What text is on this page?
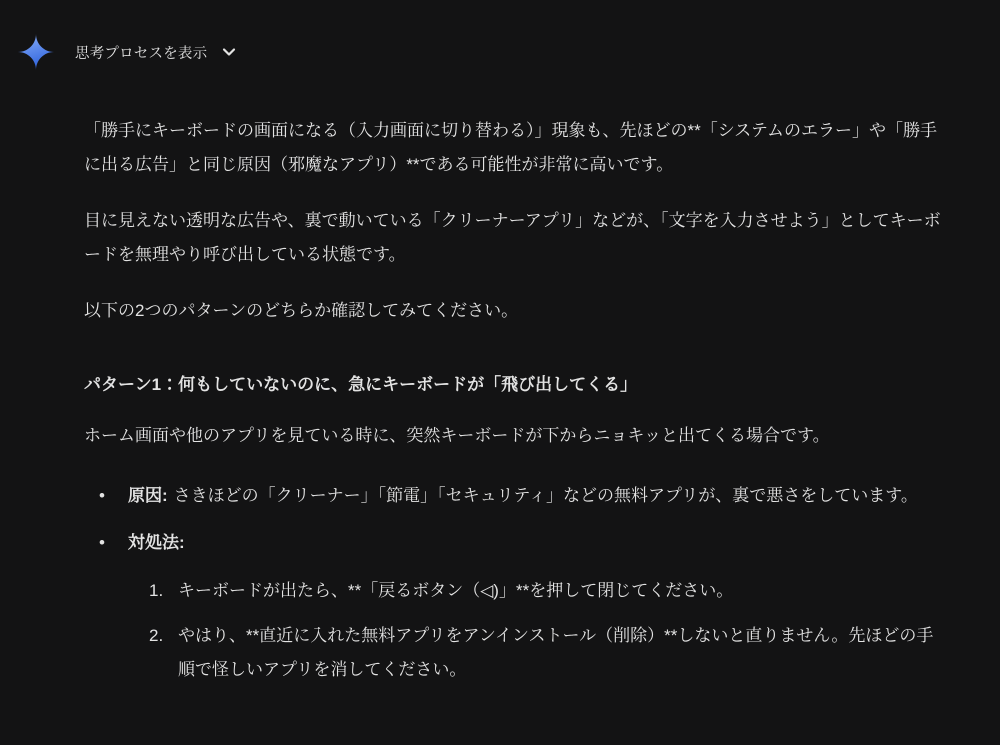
思考プロセスを表示

「勝手にキーボードの画面になる（入力画面に切り替わる）」現象も、先ほどの**「システムのエラー」や「勝手に出る広告」と同じ原因（邪魔なアプリ）**である可能性が非常に高いです。

目に見えない透明な広告や、裏で動いている「クリーナーアプリ」などが、「文字を入力させよう」としてキーボードを無理やり呼び出している状態です。

以下の2つのパターンのどちらか確認してみてください。

パターン1：何もしていないのに、急にキーボードが「飛び出してくる」

ホーム画面や他のアプリを見ている時に、突然キーボードが下からニョキッと出てくる場合です。

• 原因: さきほどの「クリーナー」「節電」「セキュリティ」などの無料アプリが、裏で悪さをしています。
• 対処法:
1. キーボードが出たら、**「戻るボタン（◁)」**を押して閉じてください。
2. やはり、**直近に入れた無料アプリをアンインストール（削除）**しないと直りません。先ほどの手順で怪しいアプリを消してください。
